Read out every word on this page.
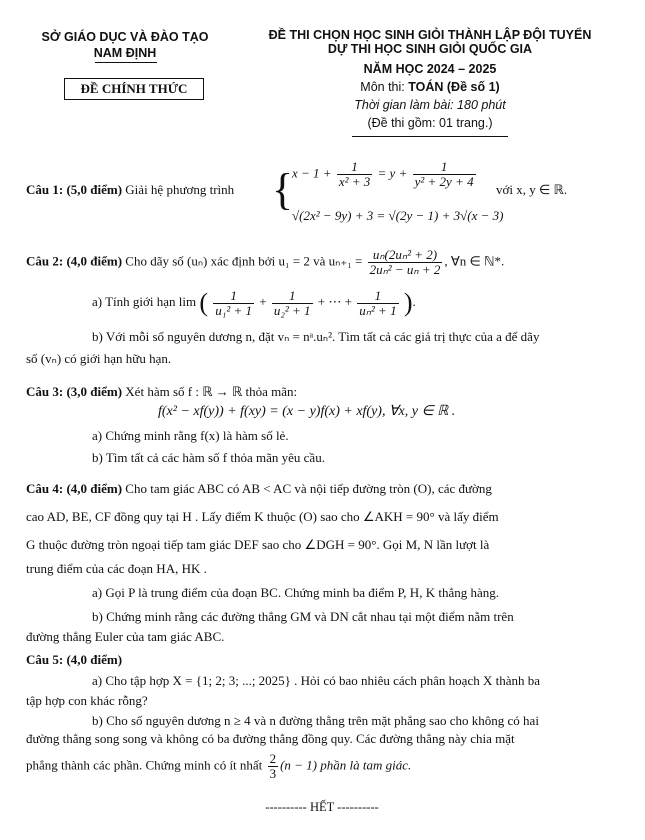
SỞ GIÁO DỤC VÀ ĐÀO TẠO
NAM ĐỊNH
ĐỀ CHÍNH THỨC
ĐỀ THI CHỌN HỌC SINH GIỎI THÀNH LẬP ĐỘI TUYỂN
DỰ THI HỌC SINH GIỎI QUỐC GIA
NĂM HỌC 2024 – 2025
Môn thi: TOÁN (Đề số 1)
Thời gian làm bài: 180 phút
(Đề thi gồm: 01 trang.)
Câu 1: (5,0 điểm) Giải hệ phương trình {
$x - 1 + \frac{1}{\text{x² + 3}} = y + \frac{1}{\text{y² + 2y + 4}}$
√(2x² − 9y) + 3 = √(2y − 1) + 3√(x − 3)
với x, y ∈ ℝ.
Câu 2: (4,0 điểm) Cho dãy số (uₙ) xác định bởi u₁ = 2 và $u_{n+1} = \frac{\text{uₙ(2uₙ² + 2)}}{\text{2uₙ² − uₙ + 2}}$ , ∀n ∈ ℕ*.
a) Tính giới hạn lim ( $\frac{1}{\text{u₁² + 1}} + \frac{1}{\text{u₂² + 1}}$ + ⋯ + $\frac{1}{\text{uₙ² + 1}}$ ).
b) Với mỗi số nguyên dương n, đặt vₙ = nᵃ.uₙ². Tìm tất cả các giá trị thực của a để dãy
số (vₙ) có giới hạn hữu hạn.
Câu 3: (3,0 điểm) Xét hàm số f : ℝ → ℝ thỏa mãn:
f(x² − xf(y)) + f(xy) = (x − y)f(x) + xf(y), ∀x, y ∈ ℝ .
a) Chứng minh rằng f(x) là hàm số lẻ.
b) Tìm tất cả các hàm số f thỏa mãn yêu cầu.
Câu 4: (4,0 điểm) Cho tam giác ABC có AB < AC và nội tiếp đường tròn (O), các đường
cao AD, BE, CF đồng quy tại H . Lấy điểm K thuộc (O) sao cho ∠AKH = 90° và lấy điểm
G thuộc đường tròn ngoại tiếp tam giác DEF sao cho ∠DGH = 90°. Gọi M, N lần lượt là
trung điểm của các đoạn HA, HK .
a) Gọi P là trung điểm của đoạn BC. Chứng minh ba điểm P, H, K thẳng hàng.
b) Chứng minh rằng các đường thẳng GM và DN cắt nhau tại một điểm nằm trên
đường thẳng Euler của tam giác ABC.
Câu 5: (4,0 điểm)
a) Cho tập hợp X = {1; 2; 3; ...; 2025} . Hỏi có bao nhiêu cách phân hoạch X thành ba
tập hợp con khác rỗng?
b) Cho số nguyên dương n ≥ 4 và n đường thẳng trên mặt phẳng sao cho không có hai
đường thẳng song song và không có ba đường thẳng đồng quy. Các đường thẳng này chia mặt
phẳng thành các phần. Chứng minh có ít nhất $\frac{2}{3} (n - 1)$ phần là tam giác.
---------- HẾT ----------
